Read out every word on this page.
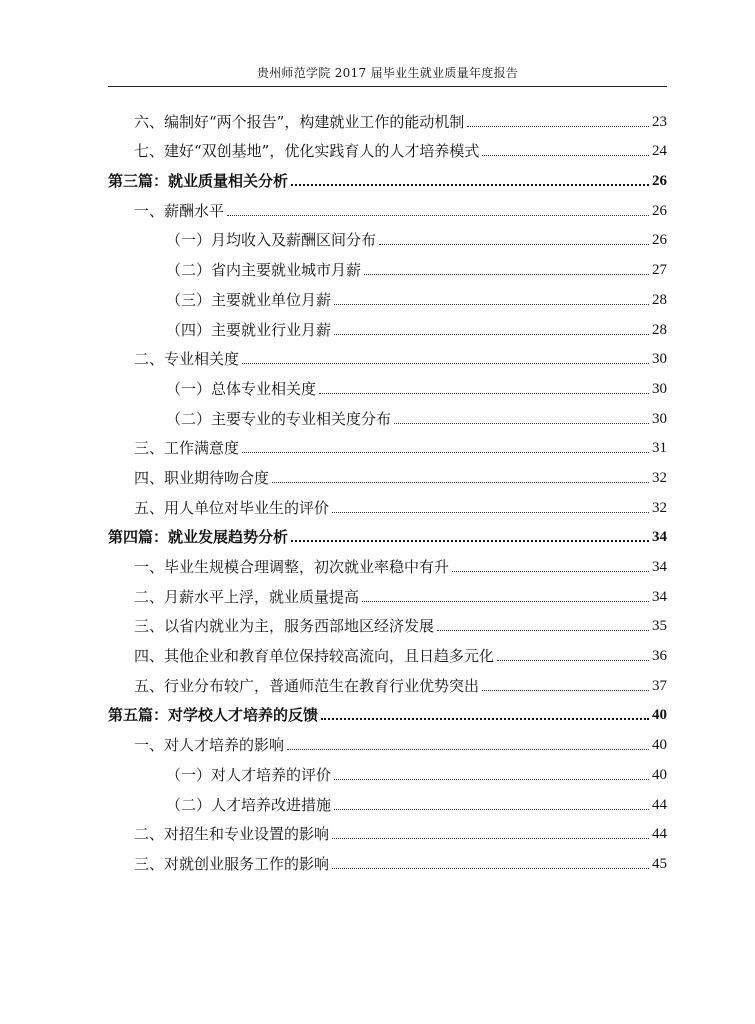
贵州师范学院 2017 届毕业生就业质量年度报告
六、编制好“两个报告”，构建就业工作的能动机制	23
七、建好“双创基地”，优化实践育人的人才培养模式	24
第三篇：就业质量相关分析	26
一、薪酬水平	26
（一）月均收入及薪酬区间分布	26
（二）省内主要就业城市月薪	27
（三）主要就业单位月薪	28
（四）主要就业行业月薪	28
二、专业相关度	30
（一）总体专业相关度	30
（二）主要专业的专业相关度分布	30
三、工作满意度	31
四、职业期待吻合度	32
五、用人单位对毕业生的评价	32
第四篇：就业发展趋势分析	34
一、毕业生规模合理调整，初次就业率稳中有升	34
二、月薪水平上浮，就业质量提高	34
三、以省内就业为主，服务西部地区经济发展	35
四、其他企业和教育单位保持较高流向，且日趋多元化	36
五、行业分布较广，普通师范生在教育行业优势突出	37
第五篇：对学校人才培养的反馈	40
一、对人才培养的影响	40
（一）对人才培养的评价	40
（二）人才培养改进措施	44
二、对招生和专业设置的影响	44
三、对就创业服务工作的影响	45
